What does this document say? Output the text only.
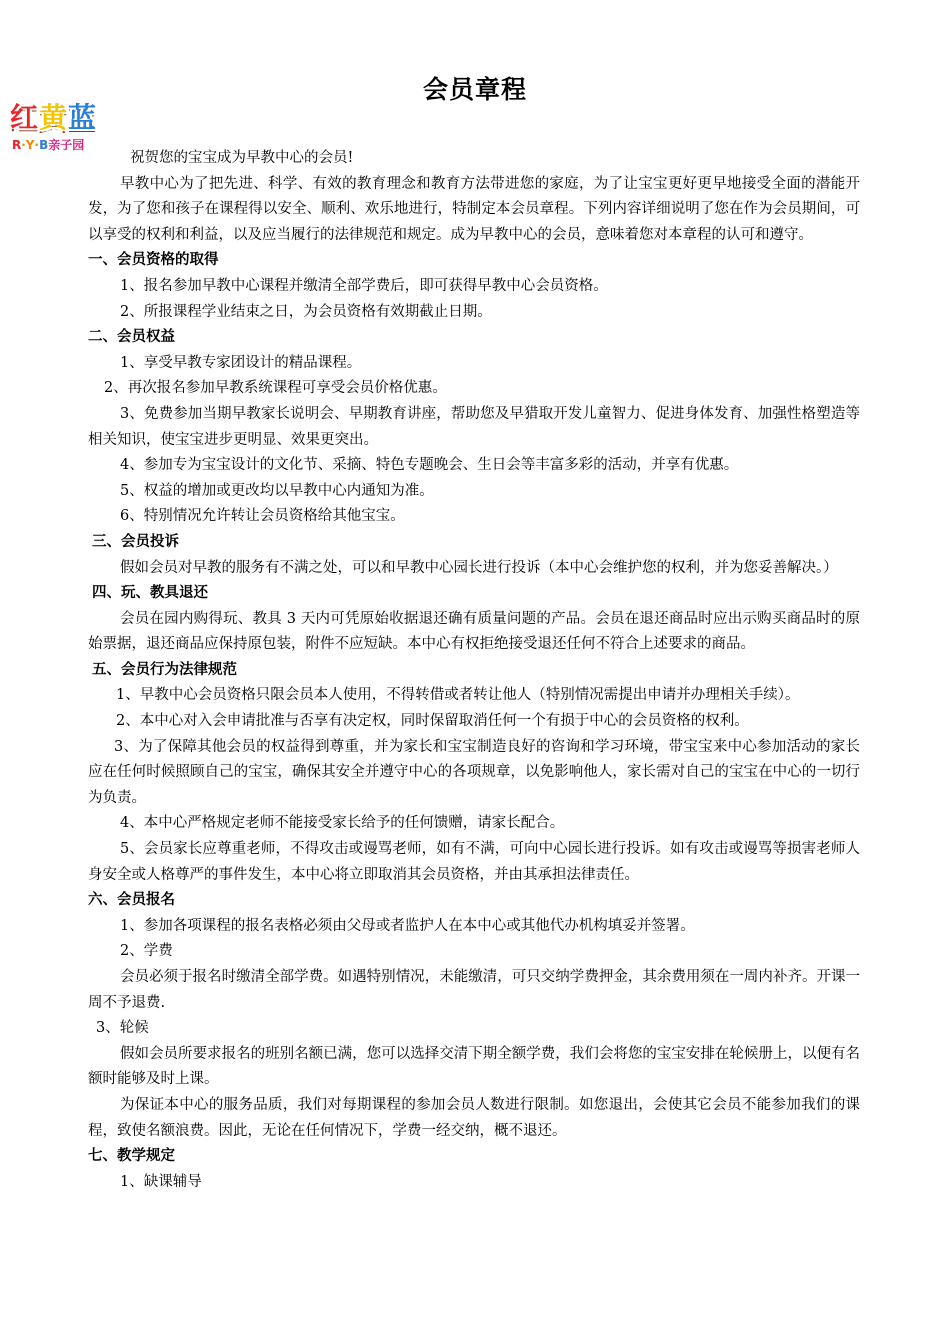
会员章程
红黄蓝
R·Y·B亲子园

祝贺您的宝宝成为早教中心的会员!

早教中心为了把先进、科学、有效的教育理念和教育方法带进您的家庭，为了让宝宝更好更早地接受全面的潜能开发，为了您和孩子在课程得以安全、顺利、欢乐地进行，特制定本会员章程。下列内容详细说明了您在作为会员期间，可以享受的权利和利益，以及应当履行的法律规范和规定。成为早教中心的会员，意味着您对本章程的认可和遵守。

一、会员资格的取得

1、报名参加早教中心课程并缴清全部学费后，即可获得早教中心会员资格。

2、所报课程学业结束之日，为会员资格有效期截止日期。

二、会员权益

1、享受早教专家团设计的精品课程。

2、再次报名参加早教系统课程可享受会员价格优惠。

3、免费参加当期早教家长说明会、早期教育讲座，帮助您及早猎取开发儿童智力、促进身体发育、加强性格塑造等相关知识，使宝宝进步更明显、效果更突出。

4、参加专为宝宝设计的文化节、采摘、特色专题晚会、生日会等丰富多彩的活动，并享有优惠。

5、权益的增加或更改均以早教中心内通知为准。

6、特别情况允许转让会员资格给其他宝宝。

三、会员投诉

假如会员对早教的服务有不满之处，可以和早教中心园长进行投诉（本中心会维护您的权利，并为您妥善解决。）

四、玩、教具退还

会员在园内购得玩、教具 3 天内可凭原始收据退还确有质量问题的产品。会员在退还商品时应出示购买商品时的原始票据，退还商品应保持原包装，附件不应短缺。本中心有权拒绝接受退还任何不符合上述要求的商品。

五、会员行为法律规范

1、早教中心会员资格只限会员本人使用，不得转借或者转让他人（特别情况需提出申请并办理相关手续）。

2、本中心对入会申请批准与否享有决定权，同时保留取消任何一个有损于中心的会员资格的权利。

3、为了保障其他会员的权益得到尊重，并为家长和宝宝制造良好的咨询和学习环境，带宝宝来中心参加活动的家长应在任何时候照顾自己的宝宝，确保其安全并遵守中心的各项规章，以免影响他人，家长需对自己的宝宝在中心的一切行为负责。

4、本中心严格规定老师不能接受家长给予的任何馈赠，请家长配合。

5、会员家长应尊重老师，不得攻击或谩骂老师，如有不满，可向中心园长进行投诉。如有攻击或谩骂等损害老师人身安全或人格尊严的事件发生，本中心将立即取消其会员资格，并由其承担法律责任。

六、会员报名

1、参加各项课程的报名表格必须由父母或者监护人在本中心或其他代办机构填妥并签署。

2、学费

会员必须于报名时缴清全部学费。如遇特别情况，未能缴清，可只交纳学费押金，其余费用须在一周内补齐。开课一周不予退费.

3、轮候

假如会员所要求报名的班别名额已满，您可以选择交清下期全额学费，我们会将您的宝宝安排在轮候册上，以便有名额时能够及时上课。

为保证本中心的服务品质，我们对每期课程的参加会员人数进行限制。如您退出，会使其它会员不能参加我们的课程，致使名额浪费。因此，无论在任何情况下，学费一经交纳，概不退还。

七、教学规定

1、缺课辅导
